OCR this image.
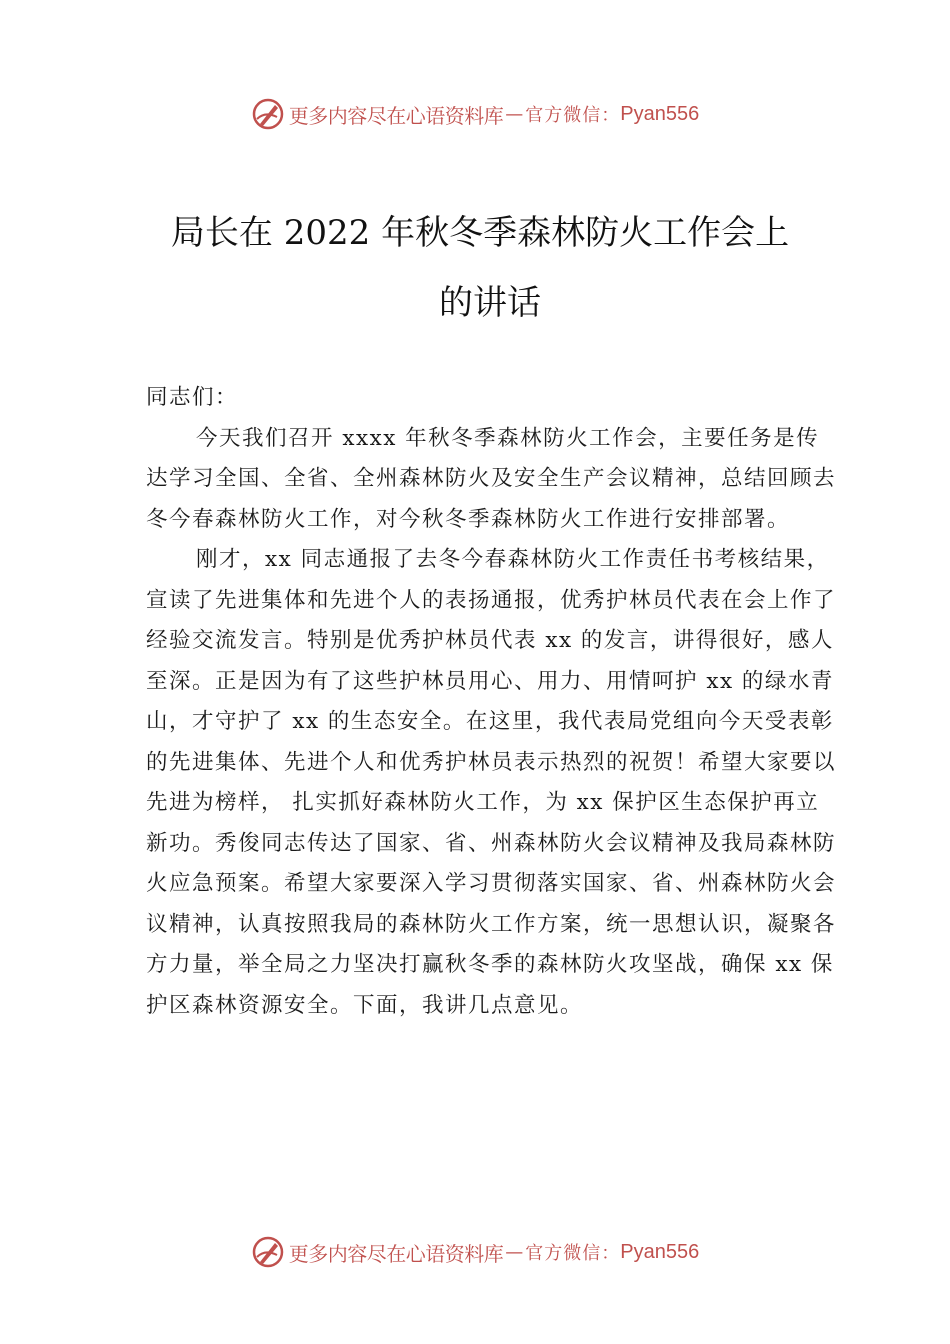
更多内容尽在心语资料库 — 官方微信： Pyan556
局长在 2022 年秋冬季森林防火工作会上
的讲话

同志们：

今天我们召开 xxxx 年秋冬季森林防火工作会，主要任务是传达学习全国、全省、全州森林防火及安全生产会议精神，总结回顾去冬今春森林防火工作，对今秋冬季森林防火工作进行安排部署。

刚才，xx 同志通报了去冬今春森林防火工作责任书考核结果，宣读了先进集体和先进个人的表扬通报，优秀护林员代表在会上作了经验交流发言。特别是优秀护林员代表 xx 的发言，讲得很好，感人至深。正是因为有了这些护林员用心、用力、用情呵护 xx 的绿水青山，才守护了 xx 的生态安全。在这里，我代表局党组向今天受表彰的先进集体、先进个人和优秀护林员表示热烈的祝贺！希望大家要以先进为榜样， 扎实抓好森林防火工作，为 xx 保护区生态保护再立新功。秀俊同志传达了国家、省、州森林防火会议精神及我局森林防火应急预案。希望大家要深入学习贯彻落实国家、省、州森林防火会议精神，认真按照我局的森林防火工作方案，统一思想认识，凝聚各方力量，举全局之力坚决打赢秋冬季的森林防火攻坚战，确保 xx 保护区森林资源安全。下面，我讲几点意见。

更多内容尽在心语资料库 — 官方微信： Pyan556
